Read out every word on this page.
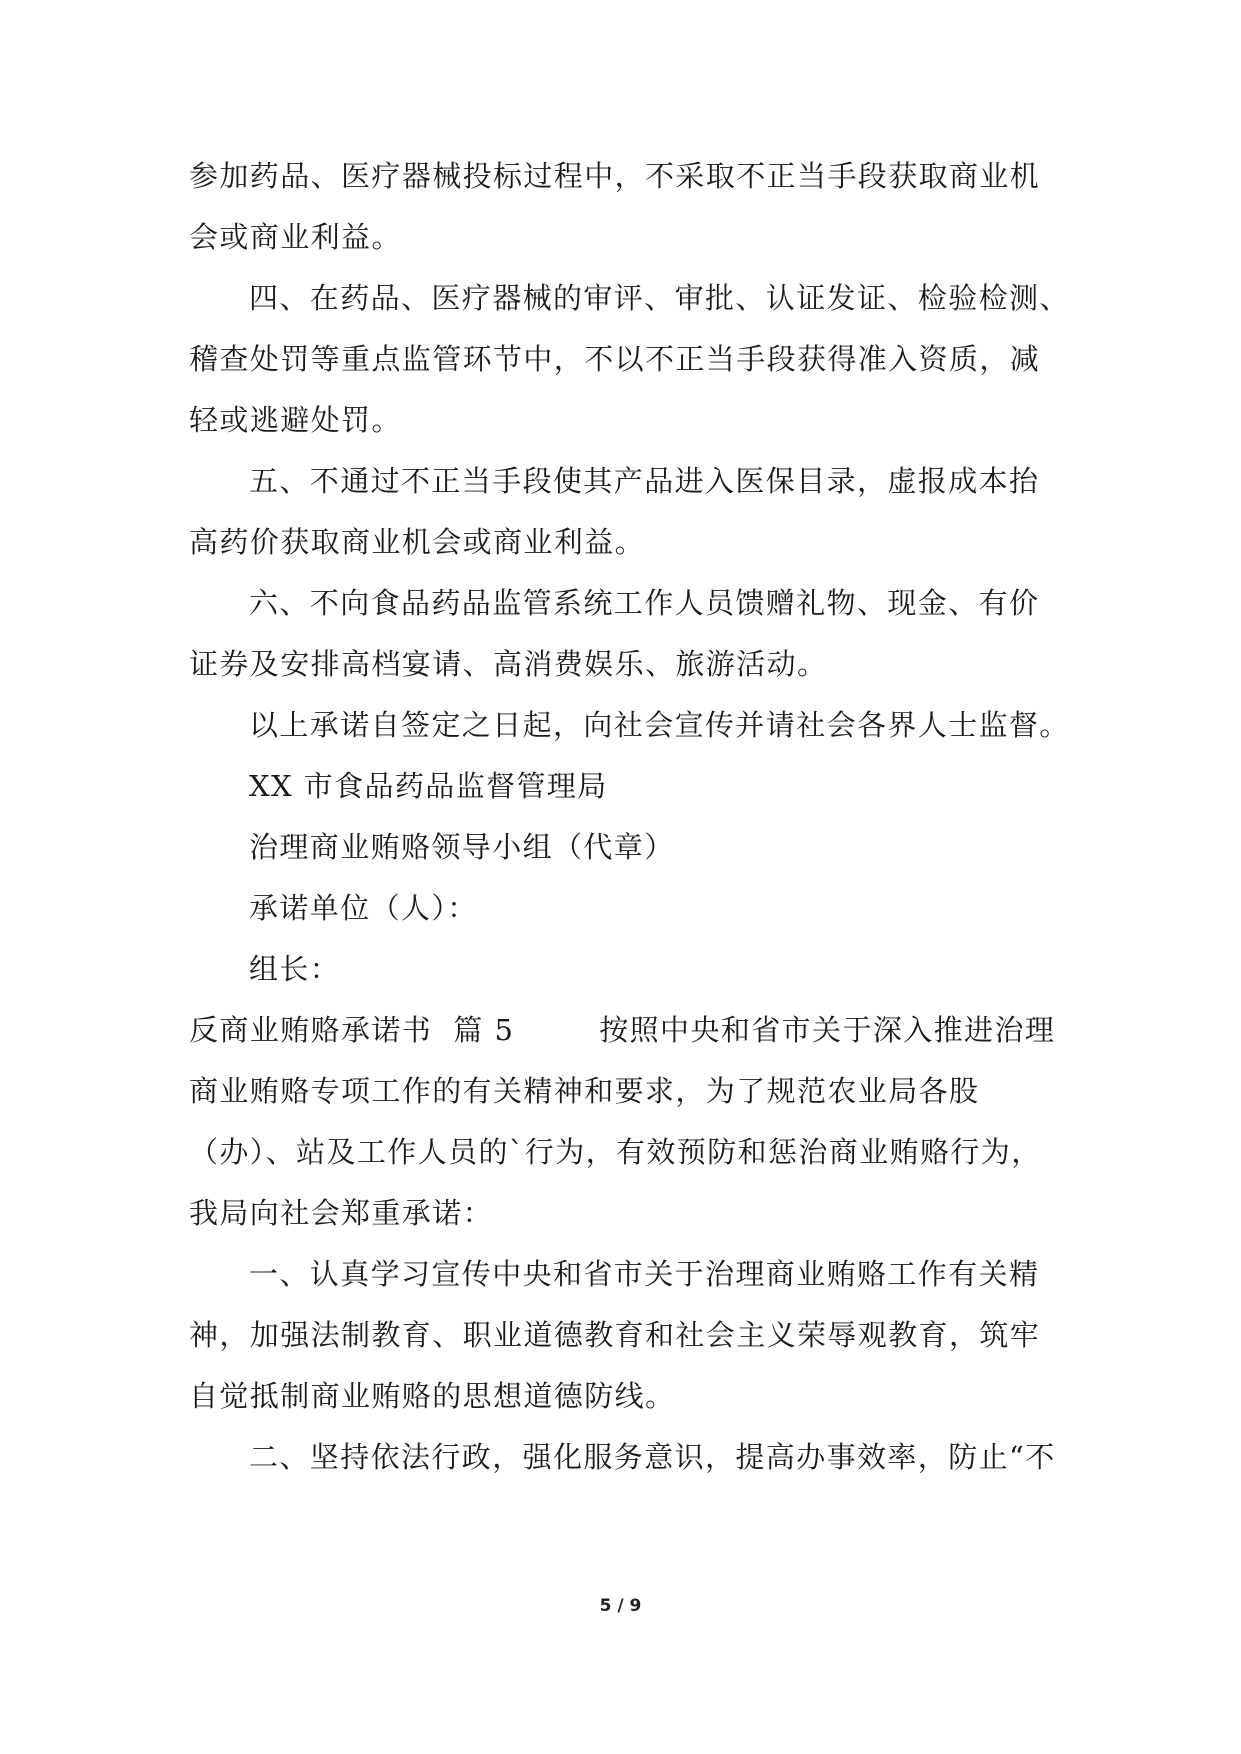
参加药品、医疗器械投标过程中，不采取不正当手段获取商业机
会或商业利益。
四、在药品、医疗器械的审评、审批、认证发证、检验检测、
稽查处罚等重点监管环节中，不以不正当手段获得准入资质，减
轻或逃避处罚。
五、不通过不正当手段使其产品进入医保目录，虚报成本抬
高药价获取商业机会或商业利益。
六、不向食品药品监管系统工作人员馈赠礼物、现金、有价
证券及安排高档宴请、高消费娱乐、旅游活动。
以上承诺自签定之日起，向社会宣传并请社会各界人士监督。
XX 市食品药品监督管理局
治理商业贿赂领导小组（代章）
承诺单位（人）：
组长：
反商业贿赂承诺书  篇 5        按照中央和省市关于深入推进治理
商业贿赂专项工作的有关精神和要求，为了规范农业局各股
（办）、站及工作人员的`行为，有效预防和惩治商业贿赂行为，
我局向社会郑重承诺：
一、认真学习宣传中央和省市关于治理商业贿赂工作有关精
神，加强法制教育、职业道德教育和社会主义荣辱观教育，筑牢
自觉抵制商业贿赂的思想道德防线。
二、坚持依法行政，强化服务意识，提高办事效率，防止“不
5 / 9
